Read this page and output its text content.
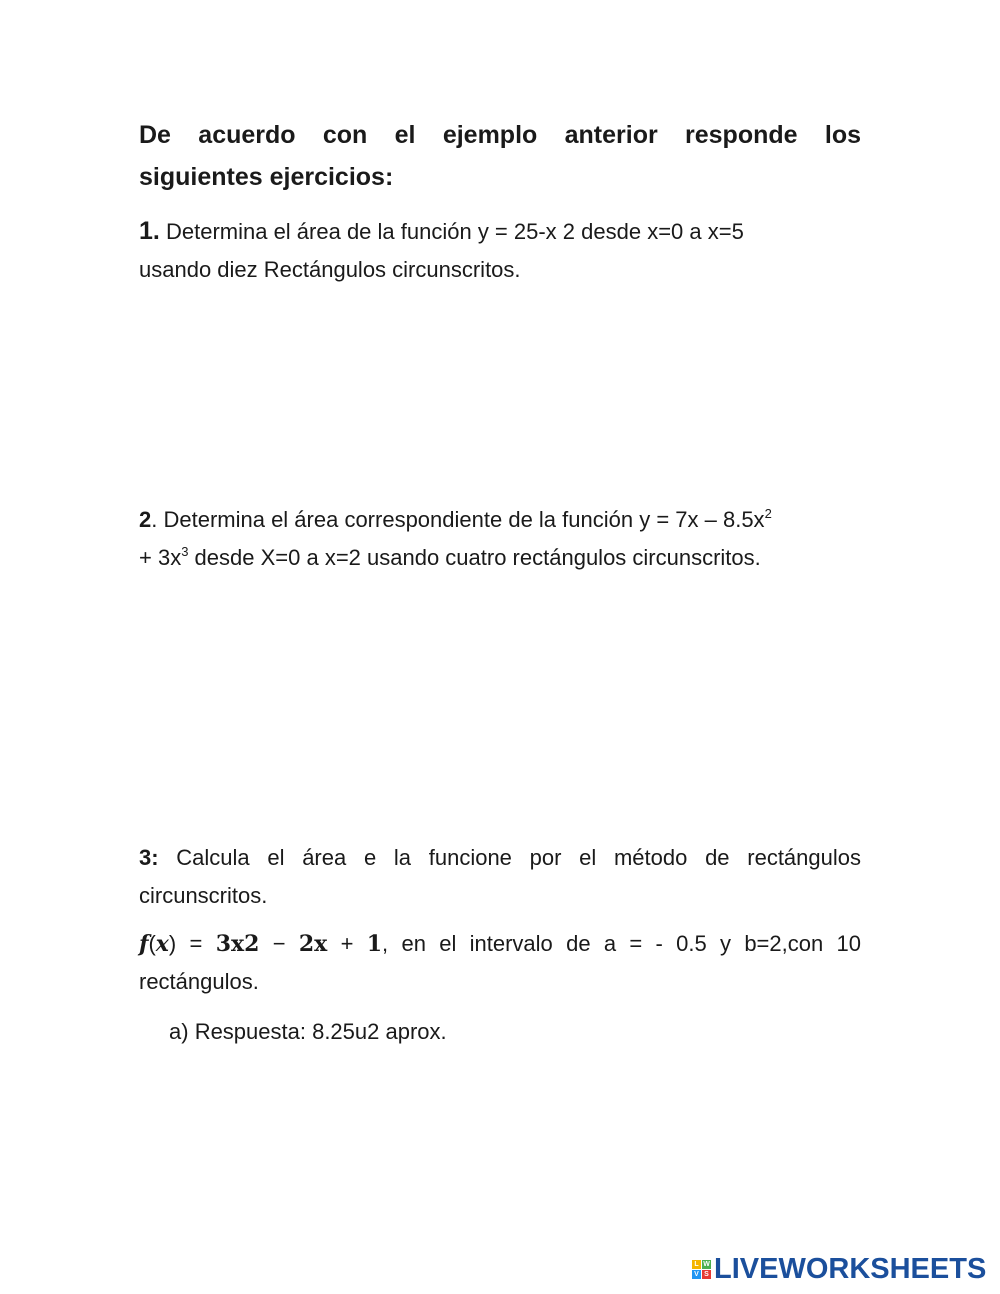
De acuerdo con el ejemplo anterior responde los
siguientes ejercicios:
1. Determina el área de la función y = 25-x 2 desde x=0 a x=5
usando diez Rectángulos circunscritos.
2. Determina el área correspondiente de la función $y = 7x - 8.5x^2$
+ $3x^3$ desde X=0 a x=2 usando cuatro rectángulos circunscritos.
3: Calcula el área e la funcione por el método de rectángulos circunscritos.
f(x) = 3x2 − 2x + 1, en el intervalo de a = - 0.5 y b=2,con 10 rectángulos.
a) Respuesta: 8.25u2 aprox.
L W
V S LIVEWORKSHEETS
